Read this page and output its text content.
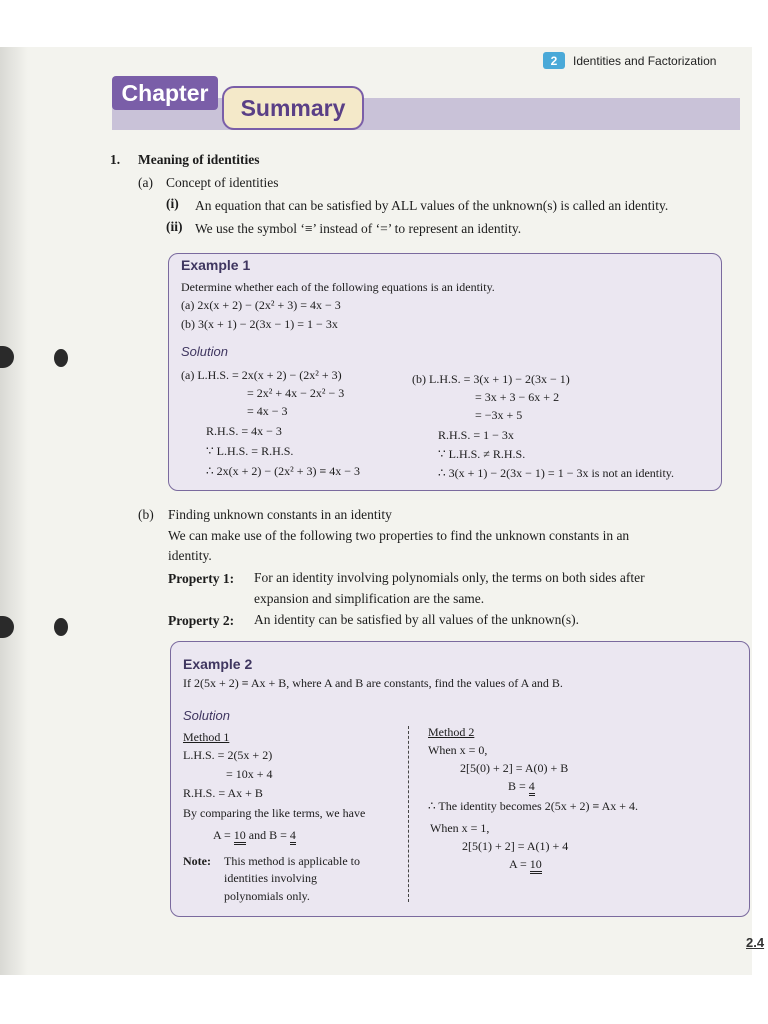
2	Identities and Factorization
Chapter
Summary
1. Meaning of identities
(a) Concept of identities
(i) An equation that can be satisfied by ALL values of the unknown(s) is called an identity.
(ii) We use the symbol ‘≡’ instead of ‘=’ to represent an identity.
Example 1
Determine whether each of the following equations is an identity.
(a) 2x(x + 2) − (2x² + 3) = 4x − 3
(b) 3(x + 1) − 2(3x − 1) = 1 − 3x
Solution
(a) L.H.S. = 2x(x + 2) − (2x² + 3)
= 2x² + 4x − 2x² − 3
= 4x − 3
R.H.S. = 4x − 3
∵ L.H.S. = R.H.S.
∴ 2x(x + 2) − (2x² + 3) ≡ 4x − 3
(b) L.H.S. = 3(x + 1) − 2(3x − 1)
= 3x + 3 − 6x + 2
= −3x + 5
R.H.S. = 1 − 3x
∵ L.H.S. ≠ R.H.S.
∴ 3(x + 1) − 2(3x − 1) = 1 − 3x is not an identity.
(b) Finding unknown constants in an identity
We can make use of the following two properties to find the unknown constants in an
identity.
Property 1: For an identity involving polynomials only, the terms on both sides after
expansion and simplification are the same.
Property 2: An identity can be satisfied by all values of the unknown(s).
Example 2
If 2(5x + 2) ≡ Ax + B, where A and B are constants, find the values of A and B.
Solution
Method 1
L.H.S. = 2(5x + 2)
= 10x + 4
R.H.S. = Ax + B
By comparing the like terms, we have
A = 10 and B = 4
Note: This method is applicable to
identities involving
polynomials only.
Method 2
When x = 0,
2[5(0) + 2] = A(0) + B
B = 4
∴ The identity becomes 2(5x + 2) ≡ Ax + 4.
When x = 1,
2[5(1) + 2] = A(1) + 4
A = 10
2.4
